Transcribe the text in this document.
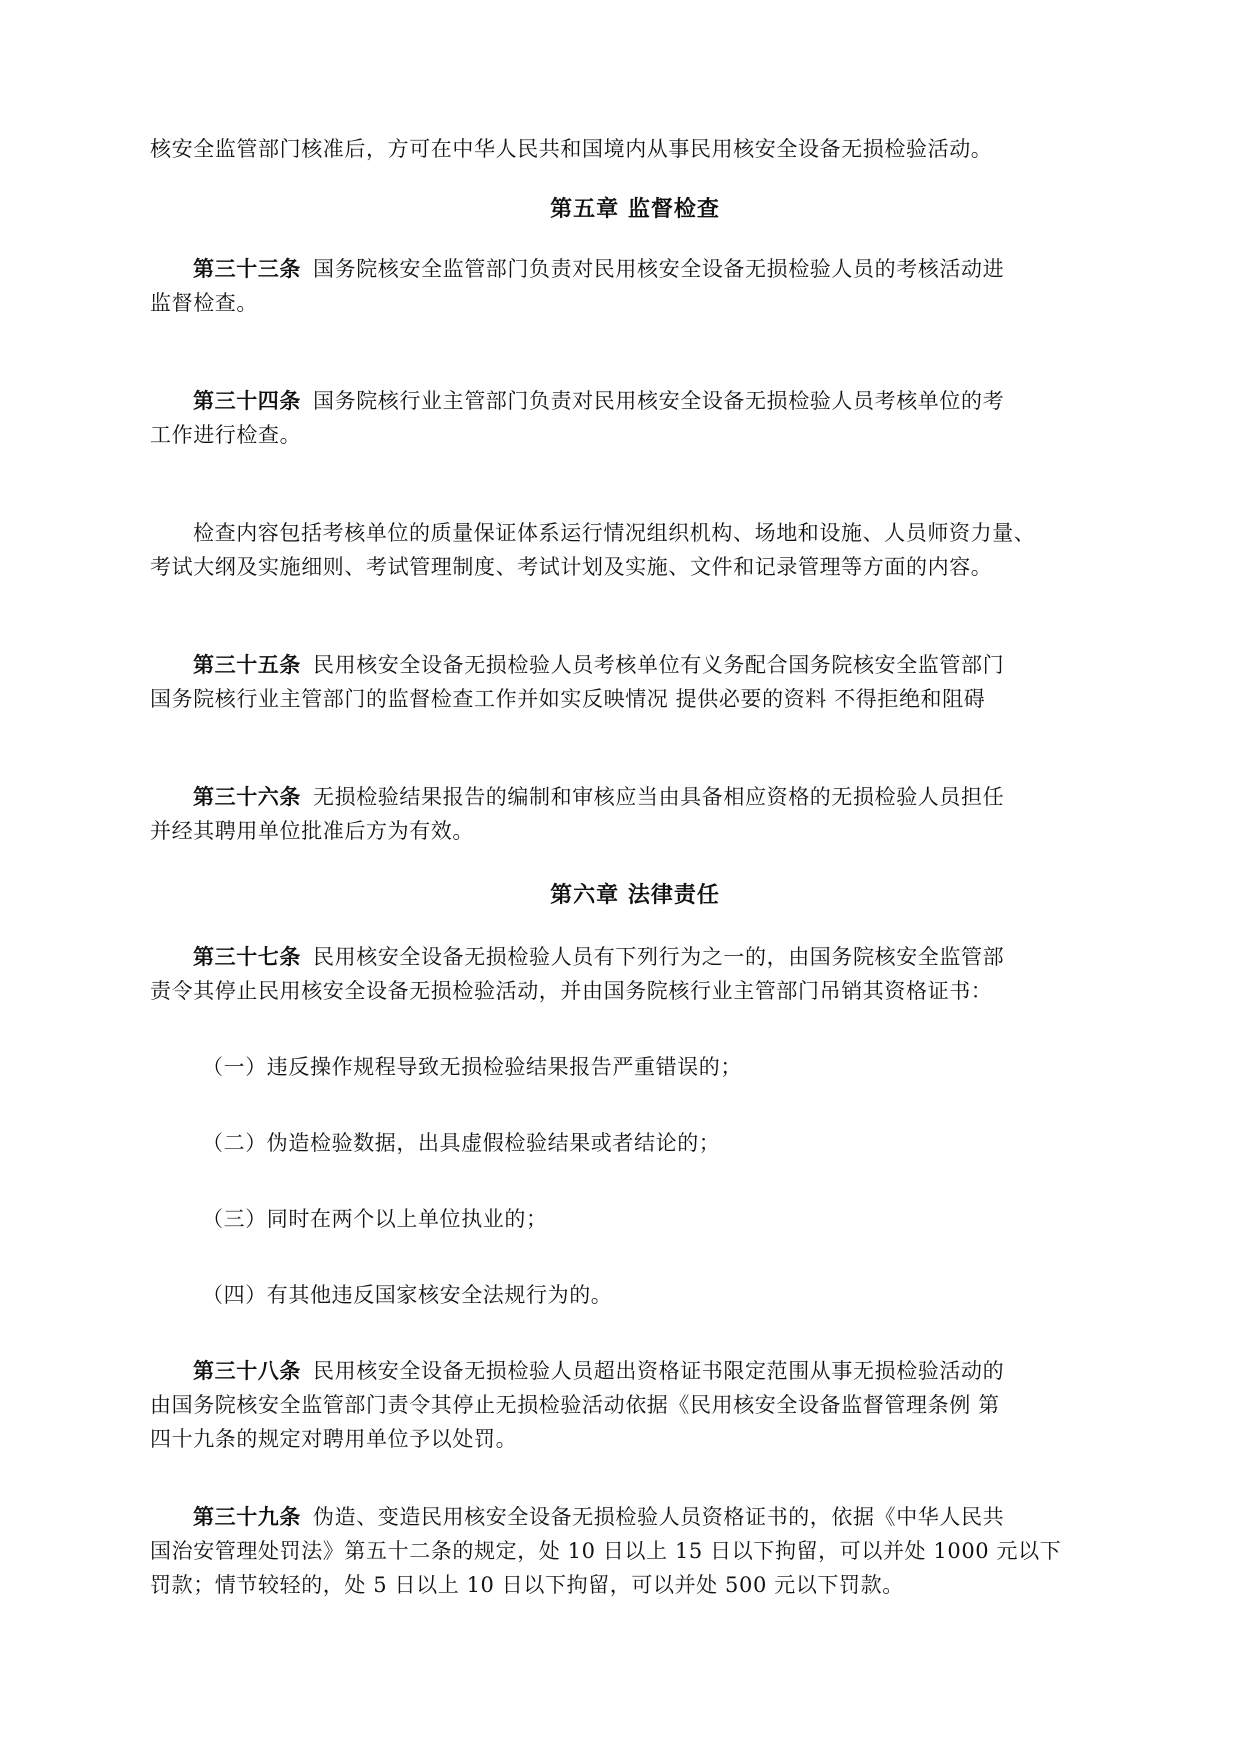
核安全监管部门核准后，方可在中华人民共和国境内从事民用核安全设备无损检验活动。

第五章 监督检查

第三十三条 国务院核安全监管部门负责对民用核安全设备无损检验人员的考核活动进
监督检查。
第三十四条 国务院核行业主管部门负责对民用核安全设备无损检验人员考核单位的考
工作进行检查。
检查内容包括考核单位的质量保证体系运行情况组织机构、场地和设施、人员师资力量、
考试大纲及实施细则、考试管理制度、考试计划及实施、文件和记录管理等方面的内容。
第三十五条 民用核安全设备无损检验人员考核单位有义务配合国务院核安全监管部门
国务院核行业主管部门的监督检查工作并如实反映情况 提供必要的资料 不得拒绝和阻碍
第三十六条 无损检验结果报告的编制和审核应当由具备相应资格的无损检验人员担任
并经其聘用单位批准后方为有效。

第六章 法律责任

第三十七条 民用核安全设备无损检验人员有下列行为之一的，由国务院核安全监管部
责令其停止民用核安全设备无损检验活动，并由国务院核行业主管部门吊销其资格证书：
（一）违反操作规程导致无损检验结果报告严重错误的；
（二）伪造检验数据，出具虚假检验结果或者结论的；
（三）同时在两个以上单位执业的；
（四）有其他违反国家核安全法规行为的。
第三十八条 民用核安全设备无损检验人员超出资格证书限定范围从事无损检验活动的
由国务院核安全监管部门责令其停止无损检验活动依据《民用核安全设备监督管理条例 第
四十九条的规定对聘用单位予以处罚。
第三十九条 伪造、变造民用核安全设备无损检验人员资格证书的，依据《中华人民共
国治安管理处罚法》第五十二条的规定，处 10 日以上 15 日以下拘留，可以并处 1000 元以下
罚款；情节较轻的，处 5 日以上 10 日以下拘留，可以并处 500 元以下罚款。
